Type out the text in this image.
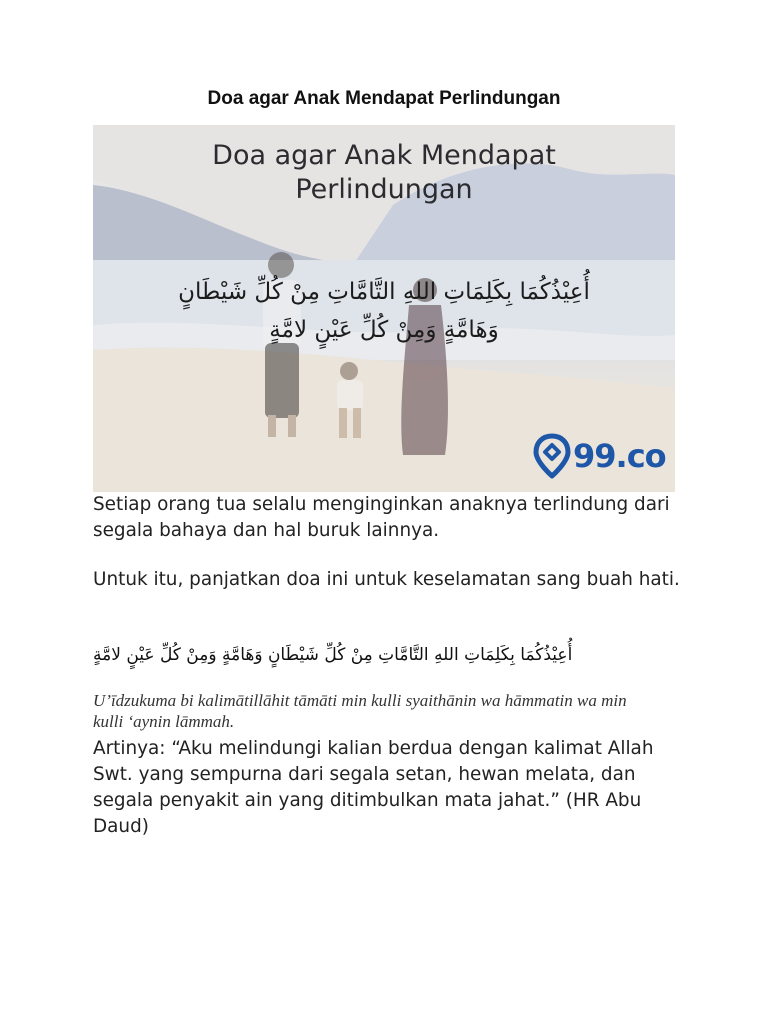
Doa agar Anak Mendapat Perlindungan
Doa agar Anak Mendapat
Perlindungan
أُعِيْذُكُمَا بِكَلِمَاتِ اللهِ التَّامَّاتِ مِنْ كُلِّ شَيْطَانٍ
وَهَامَّةٍ وَمِنْ كُلِّ عَيْنٍ لامَّةٍ
99.co
Setiap orang tua selalu menginginkan anaknya terlindung dari segala bahaya dan hal buruk lainnya.
Untuk itu, panjatkan doa ini untuk keselamatan sang buah hati.
أُعِيْذُكُمَا بِكَلِمَاتِ اللهِ التَّامَّاتِ مِنْ كُلِّ شَيْطَانٍ وَهَامَّةٍ وَمِنْ كُلِّ عَيْنٍ لامَّةٍ
U’īdzukuma bi kalimātillāhit tāmāti min kulli syaithānin wa hāmmatin wa min kulli ‘aynin lāmmah.
Artinya: “Aku melindungi kalian berdua dengan kalimat Allah Swt. yang sempurna dari segala setan, hewan melata, dan segala penyakit ain yang ditimbulkan mata jahat.” (HR Abu Daud)
